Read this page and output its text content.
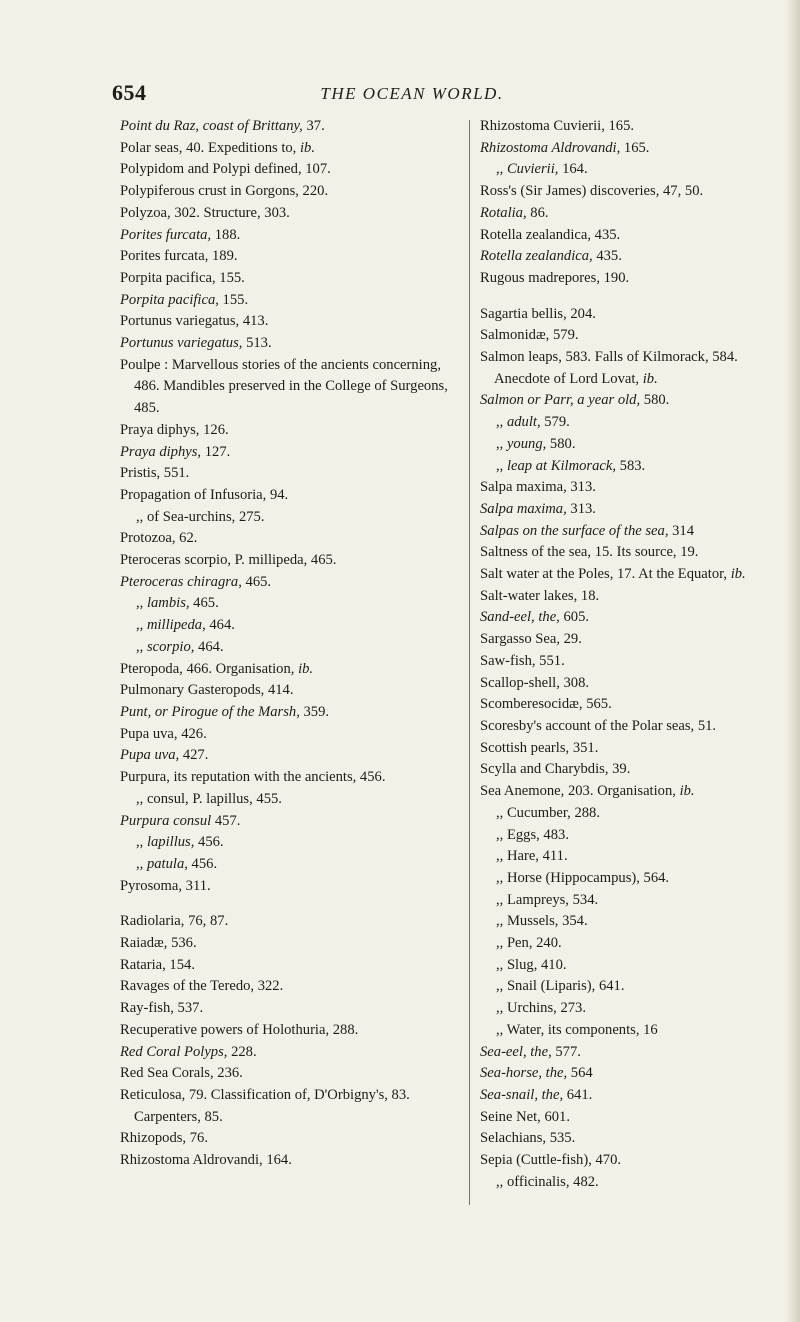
654	THE OCEAN WORLD.
Point du Raz, coast of Brittany, 37.
Polar seas, 40. Expeditions to, ib.
Polypidom and Polypi defined, 107.
Polypiferous crust in Gorgons, 220.
Polyzoa, 302. Structure, 303.
Porites furcata, 188.
Porites furcata, 189.
Porpita pacifica, 155.
Porpita pacifica, 155.
Portunus variegatus, 413.
Portunus variegatus, 513.
Poulpe : Marvellous stories of the ancients concerning, 486. Mandibles preserved in the College of Surgeons, 485.
Praya diphys, 126.
Praya diphys, 127.
Pristis, 551.
Propagation of Infusoria, 94.
,, of Sea-urchins, 275.
Protozoa, 62.
Pteroceras scorpio, P. millipeda, 465.
Pteroceras chiragra, 465.
,, lambis, 465.
,, millipeda, 464.
,, scorpio, 464.
Pteropoda, 466. Organisation, ib.
Pulmonary Gasteropods, 414.
Punt, or Pirogue of the Marsh, 359.
Pupa uva, 426.
Pupa uva, 427.
Purpura, its reputation with the ancients, 456.
,, consul, P. lapillus, 455.
Purpura consul 457.
,, lapillus, 456.
,, patula, 456.
Pyrosoma, 311.
Radiolaria, 76, 87.
Raiadæ, 536.
Rataria, 154.
Ravages of the Teredo, 322.
Ray-fish, 537.
Recuperative powers of Holothuria, 288.
Red Coral Polyps, 228.
Red Sea Corals, 236.
Reticulosa, 79. Classification of, D'Orbigny's, 83. Carpenters, 85.
Rhizopods, 76.
Rhizostoma Aldrovandi, 164.
Rhizostoma Cuvierii, 165.
Rhizostoma Aldrovandi, 165.
,, Cuvierii, 164.
Ross's (Sir James) discoveries, 47, 50.
Rotalia, 86.
Rotella zealandica, 435.
Rotella zealandica, 435.
Rugous madrepores, 190.
Sagartia bellis, 204.
Salmonidæ, 579.
Salmon leaps, 583. Falls of Kilmorack, 584. Anecdote of Lord Lovat, ib.
Salmon or Parr, a year old, 580.
,, adult, 579.
,, young, 580.
,, leap at Kilmorack, 583.
Salpa maxima, 313.
Salpa maxima, 313.
Salpas on the surface of the sea, 314
Saltness of the sea, 15. Its source, 19.
Salt water at the Poles, 17. At the Equator, ib.
Salt-water lakes, 18.
Sand-eel, the, 605.
Sargasso Sea, 29.
Saw-fish, 551.
Scallop-shell, 308.
Scomberesocidæ, 565.
Scoresby's account of the Polar seas, 51.
Scottish pearls, 351.
Scylla and Charybdis, 39.
Sea Anemone, 203. Organisation, ib.
,, Cucumber, 288.
,, Eggs, 483.
,, Hare, 411.
,, Horse (Hippocampus), 564.
,, Lampreys, 534.
,, Mussels, 354.
,, Pen, 240.
,, Slug, 410.
,, Snail (Liparis), 641.
,, Urchins, 273.
,, Water, its components, 16
Sea-eel, the, 577.
Sea-horse, the, 564
Sea-snail, the, 641.
Seine Net, 601.
Selachians, 535.
Sepia (Cuttle-fish), 470.
,, officinalis, 482.
